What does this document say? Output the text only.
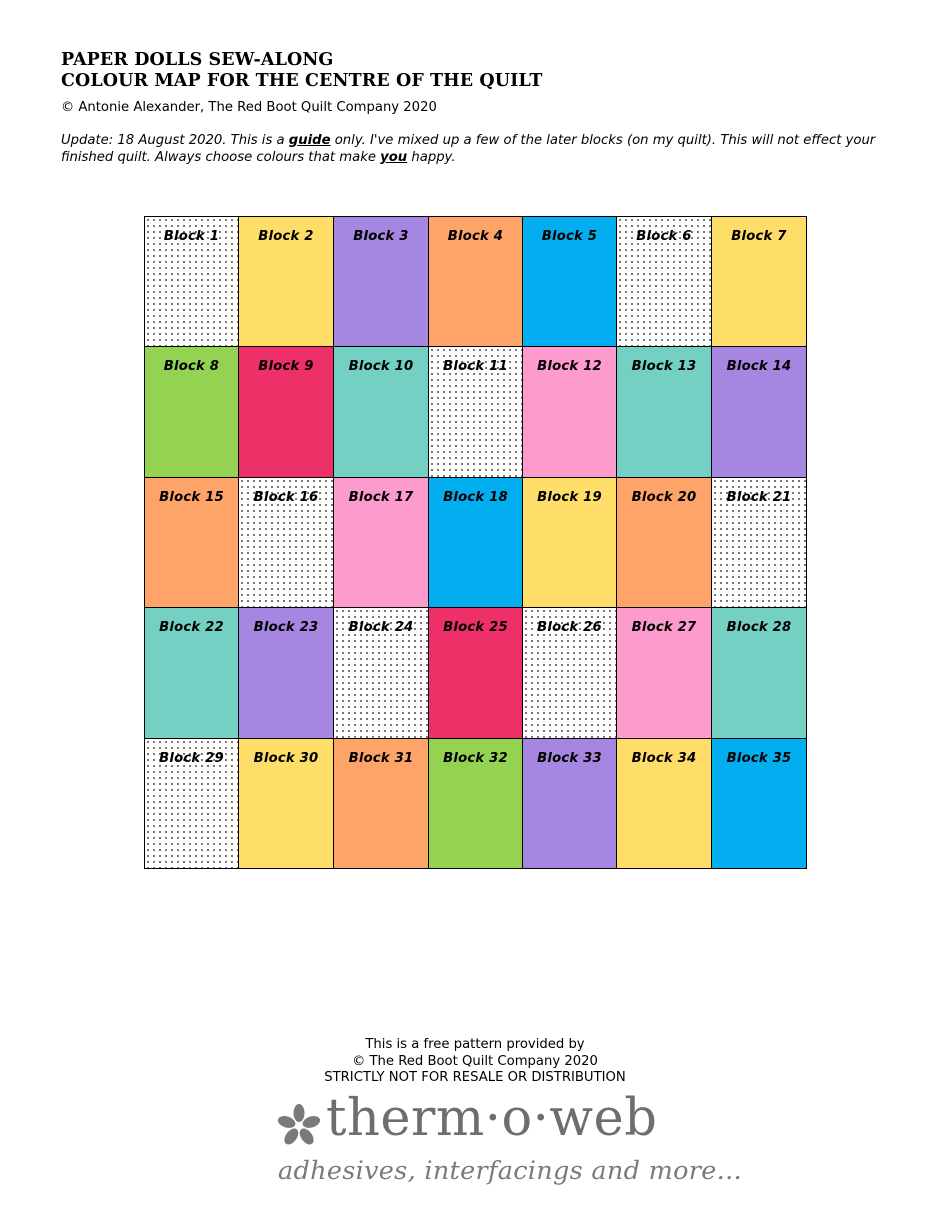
PAPER DOLLS SEW-ALONG
COLOUR MAP FOR THE CENTRE OF THE QUILT
© Antonie Alexander, The Red Boot Quilt Company 2020
Update: 18 August 2020. This is a guide only. I've mixed up a few of the later blocks (on my quilt). This will not effect your finished quilt. Always choose colours that make you happy.
Block 1	Block 2	Block 3	Block 4	Block 5	Block 6	Block 7
Block 8	Block 9	Block 10	Block 11	Block 12	Block 13	Block 14
Block 15	Block 16	Block 17	Block 18	Block 19	Block 20	Block 21
Block 22	Block 23	Block 24	Block 25	Block 26	Block 27	Block 28
Block 29	Block 30	Block 31	Block 32	Block 33	Block 34	Block 35
This is a free pattern provided by
© The Red Boot Quilt Company 2020
STRICTLY NOT FOR RESALE OR DISTRIBUTION
therm·o·web
adhesives, interfacings and more...
